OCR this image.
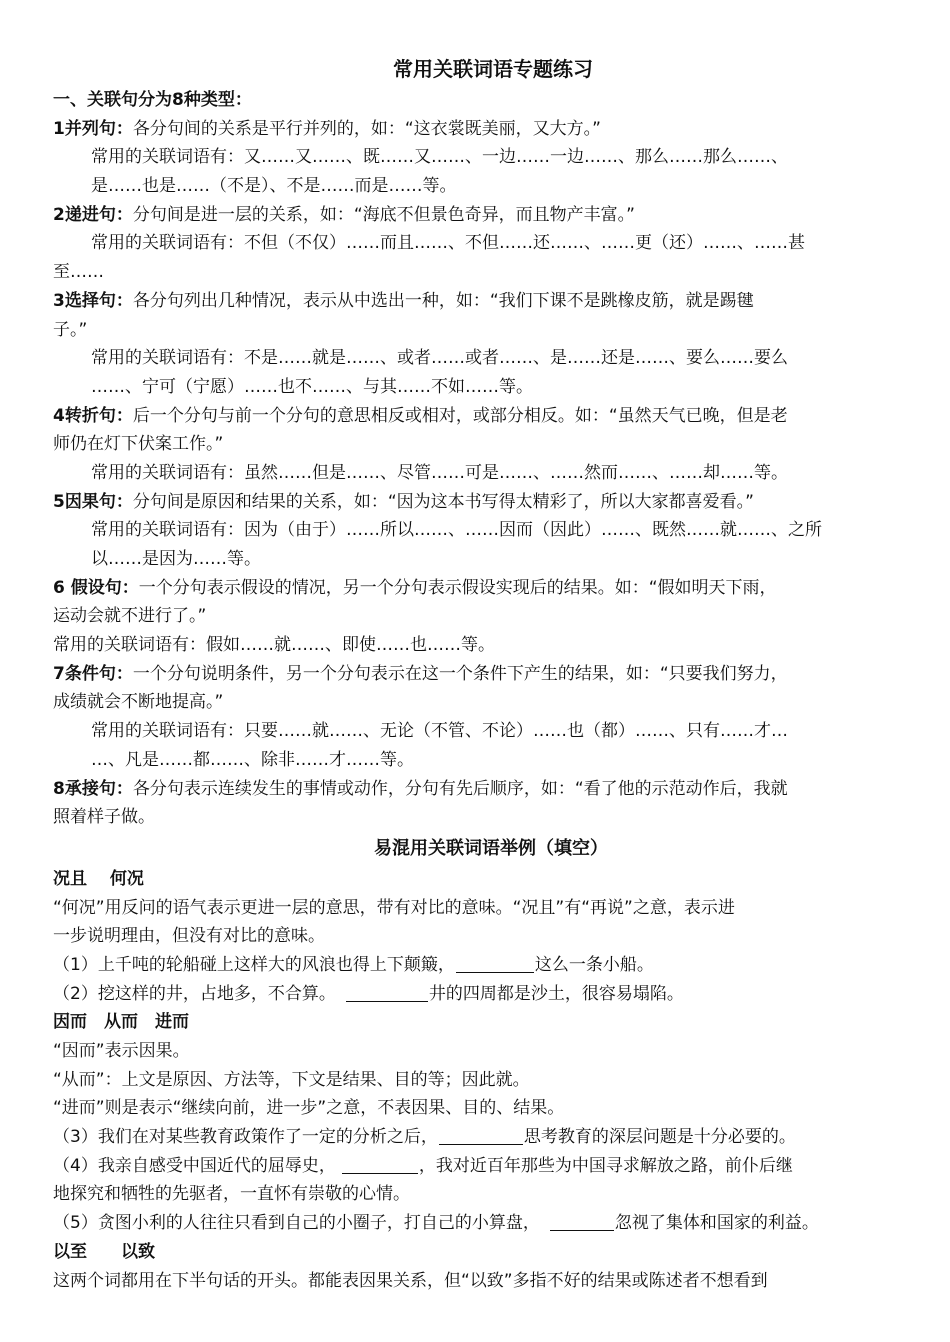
常用关联词语专题练习
一、关联句分为8种类型：
1并列句：各分句间的关系是平行并列的，如：“这衣裳既美丽，又大方。”
常用的关联词语有：又……又……、既……又……、一边……一边……、那么……那么……、
是……也是……（不是）、不是……而是……等。
2递进句：分句间是进一层的关系，如：“海底不但景色奇异，而且物产丰富。”
常用的关联词语有：不但（不仅）……而且……、不但……还……、……更（还）……、……甚
至……
3选择句：各分句列出几种情况，表示从中选出一种，如：“我们下课不是跳橡皮筋，就是踢毽
子。”
常用的关联词语有：不是……就是……、或者……或者……、是……还是……、要么……要么
……、宁可（宁愿）……也不……、与其……不如……等。
4转折句：后一个分句与前一个分句的意思相反或相对，或部分相反。如：“虽然天气已晚，但是老
师仍在灯下伏案工作。”
常用的关联词语有：虽然……但是……、尽管……可是……、……然而……、……却……等。
5因果句：分句间是原因和结果的关系，如：“因为这本书写得太精彩了，所以大家都喜爱看。”
常用的关联词语有：因为（由于）……所以……、……因而（因此）……、既然……就……、之所
以……是因为……等。
6 假设句：一个分句表示假设的情况，另一个分句表示假设实现后的结果。如：“假如明天下雨，
运动会就不进行了。”
常用的关联词语有：假如……就……、即使……也……等。
7条件句：一个分句说明条件，另一个分句表示在这一个条件下产生的结果，如：“只要我们努力，
成绩就会不断地提高。”
常用的关联词语有：只要……就……、无论（不管、不论）……也（都）……、只有……才…
…、凡是……都……、除非……才……等。
8承接句：各分句表示连续发生的事情或动作，分句有先后顺序，如：“看了他的示范动作后，我就
照着样子做。
易混用关联词语举例（填空）
况且　 何况
“何况”用反问的语气表示更进一层的意思，带有对比的意味。“况且”有“再说”之意，表示进
一步说明理由，但没有对比的意味。
（1）上千吨的轮船碰上这样大的风浪也得上下颠簸，	这么一条小船。
（2）挖这样的井，占地多，不合算。	井的四周都是沙土，很容易塌陷。
因而　从而　进而
“因而”表示因果。
“从而”：上文是原因、方法等，下文是结果、目的等；因此就。
“进而”则是表示“继续向前，进一步”之意，不表因果、目的、结果。
（3）我们在对某些教育政策作了一定的分析之后，	思考教育的深层问题是十分必要的。
（4）我亲自感受中国近代的屈辱史，	，我对近百年那些为中国寻求解放之路，前仆后继
地探究和牺牲的先驱者，一直怀有崇敬的心情。
（5）贪图小利的人往往只看到自己的小圈子，打自己的小算盘，	忽视了集体和国家的利益。
以至　　以致
这两个词都用在下半句话的开头。都能表因果关系，但“以致”多指不好的结果或陈述者不想看到
